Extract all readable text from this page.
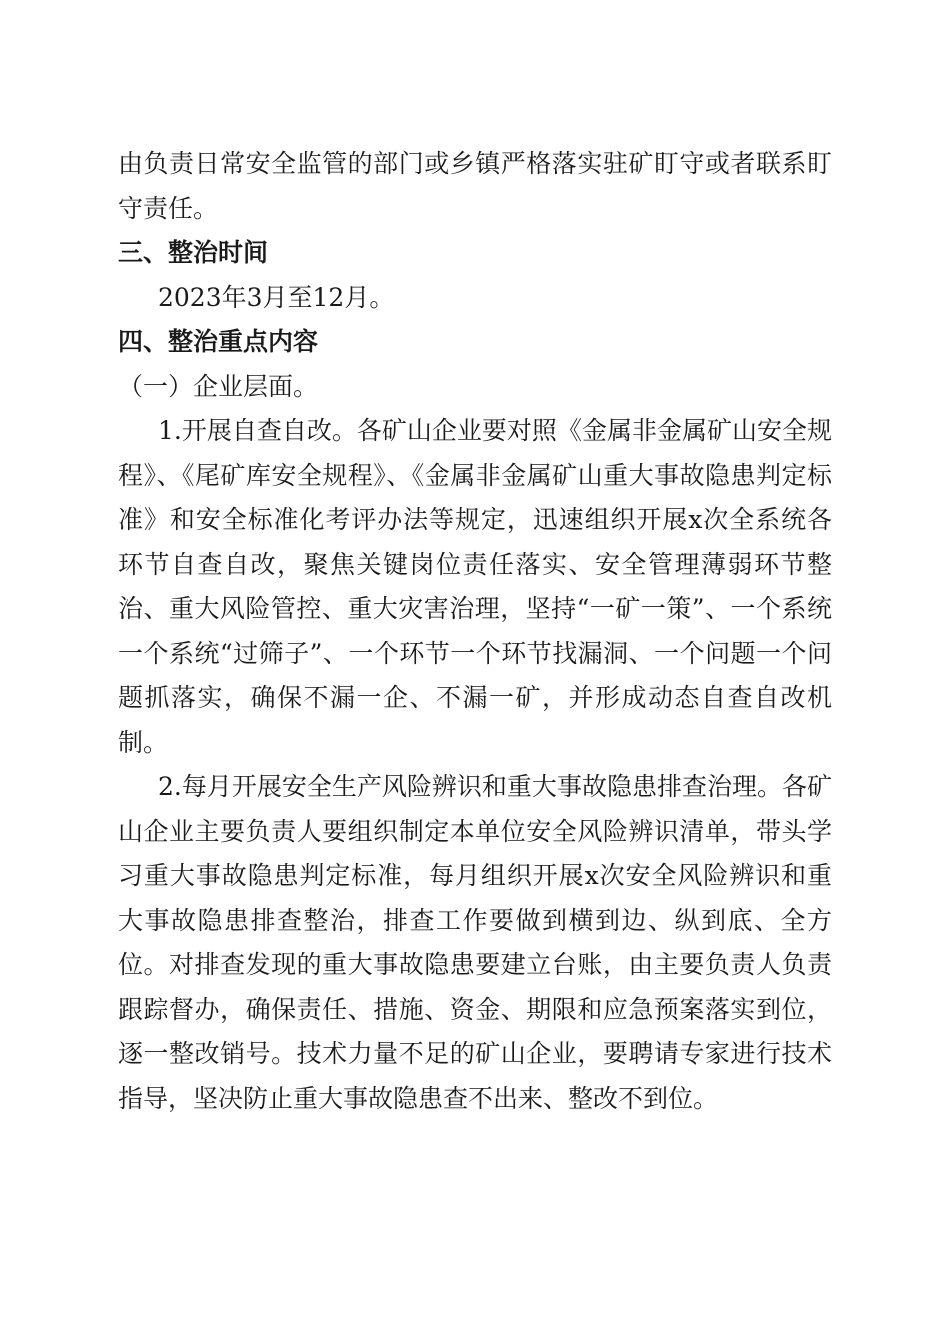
由负责日常安全监管的部门或乡镇严格落实驻矿盯守或者联系盯守责任。

三、整治时间

2023年3月至12月。

四、整治重点内容

（一）企业层面。

1.开展自查自改。各矿山企业要对照《金属非金属矿山安全规程》、《尾矿库安全规程》、《金属非金属矿山重大事故隐患判定标准》和安全标准化考评办法等规定，迅速组织开展x次全系统各环节自查自改，聚焦关键岗位责任落实、安全管理薄弱环节整治、重大风险管控、重大灾害治理，坚持“一矿一策”、一个系统一个系统“过筛子”、一个环节一个环节找漏洞、一个问题一个问题抓落实，确保不漏一企、不漏一矿，并形成动态自查自改机制。

2.每月开展安全生产风险辨识和重大事故隐患排查治理。各矿山企业主要负责人要组织制定本单位安全风险辨识清单，带头学习重大事故隐患判定标准，每月组织开展x次安全风险辨识和重大事故隐患排查整治，排查工作要做到横到边、纵到底、全方位。对排查发现的重大事故隐患要建立台账，由主要负责人负责跟踪督办，确保责任、措施、资金、期限和应急预案落实到位，逐一整改销号。技术力量不足的矿山企业，要聘请专家进行技术指导，坚决防止重大事故隐患查不出来、整改不到位。
